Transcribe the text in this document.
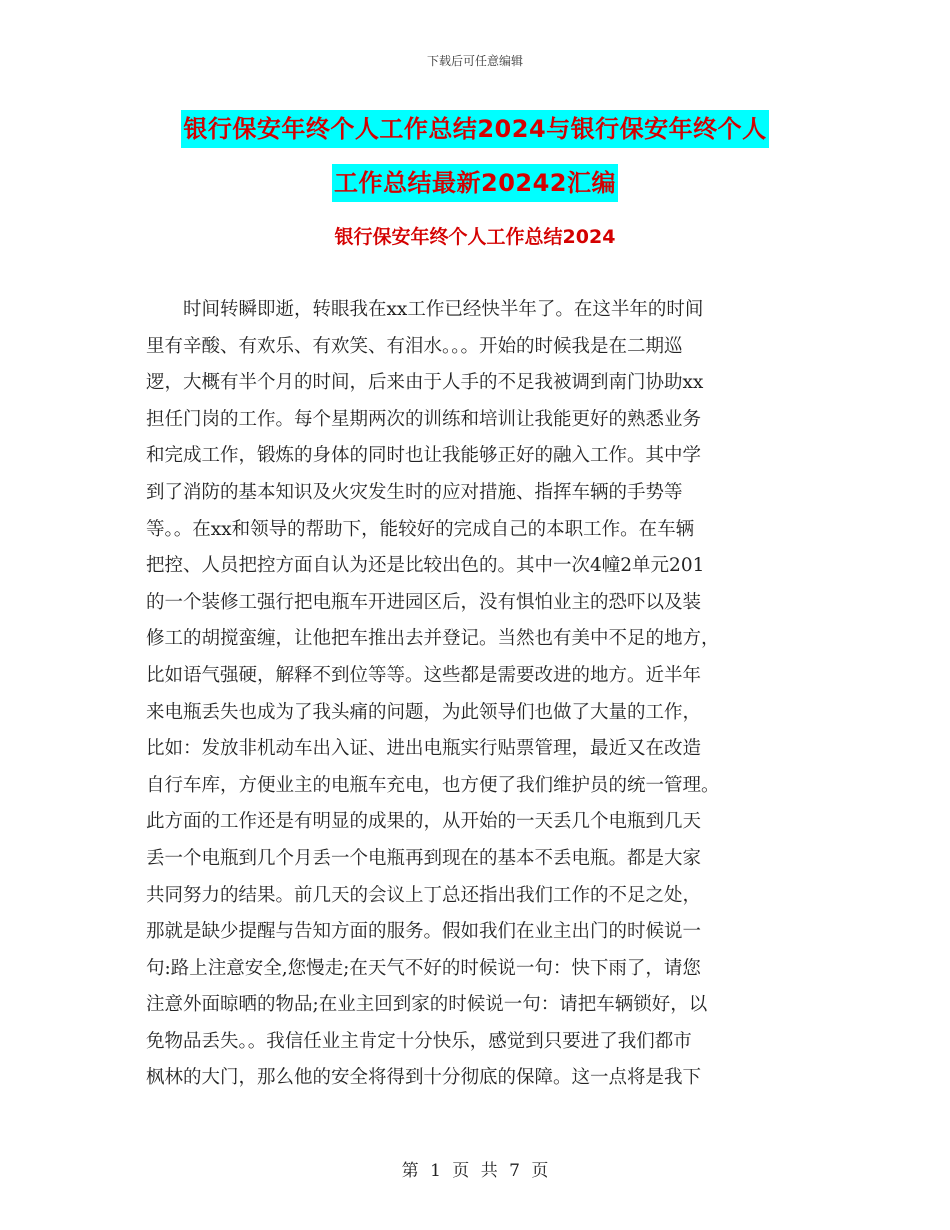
下载后可任意编辑
银行保安年终个人工作总结2024与银行保安年终个人
工作总结最新20242汇编
银行保安年终个人工作总结2024
　　时间转瞬即逝，转眼我在xx工作已经快半年了。在这半年的时间
里有辛酸、有欢乐、有欢笑、有泪水。。。开始的时候我是在二期巡
逻，大概有半个月的时间，后来由于人手的不足我被调到南门协助xx
担任门岗的工作。每个星期两次的训练和培训让我能更好的熟悉业务
和完成工作，锻炼的身体的同时也让我能够正好的融入工作。其中学
到了消防的基本知识及火灾发生时的应对措施、指挥车辆的手势等
等。。在xx和领导的帮助下，能较好的完成自己的本职工作。在车辆
把控、人员把控方面自认为还是比较出色的。其中一次4幢2单元201
的一个装修工强行把电瓶车开进园区后，没有惧怕业主的恐吓以及装
修工的胡搅蛮缠，让他把车推出去并登记。当然也有美中不足的地方，
比如语气强硬，解释不到位等等。这些都是需要改进的地方。近半年
来电瓶丢失也成为了我头痛的问题，为此领导们也做了大量的工作，
比如：发放非机动车出入证、进出电瓶实行贴票管理，最近又在改造
自行车库，方便业主的电瓶车充电，也方便了我们维护员的统一管理。
此方面的工作还是有明显的成果的，从开始的一天丢几个电瓶到几天
丢一个电瓶到几个月丢一个电瓶再到现在的基本不丢电瓶。都是大家
共同努力的结果。前几天的会议上丁总还指出我们工作的不足之处，
那就是缺少提醒与告知方面的服务。假如我们在业主出门的时候说一
句:路上注意安全,您慢走;在天气不好的时候说一句：快下雨了，请您
注意外面晾晒的物品;在业主回到家的时候说一句：请把车辆锁好，以
免物品丢失。。我信任业主肯定十分快乐，感觉到只要进了我们都市
枫林的大门，那么他的安全将得到十分彻底的保障。这一点将是我下
第 1 页 共 7 页
